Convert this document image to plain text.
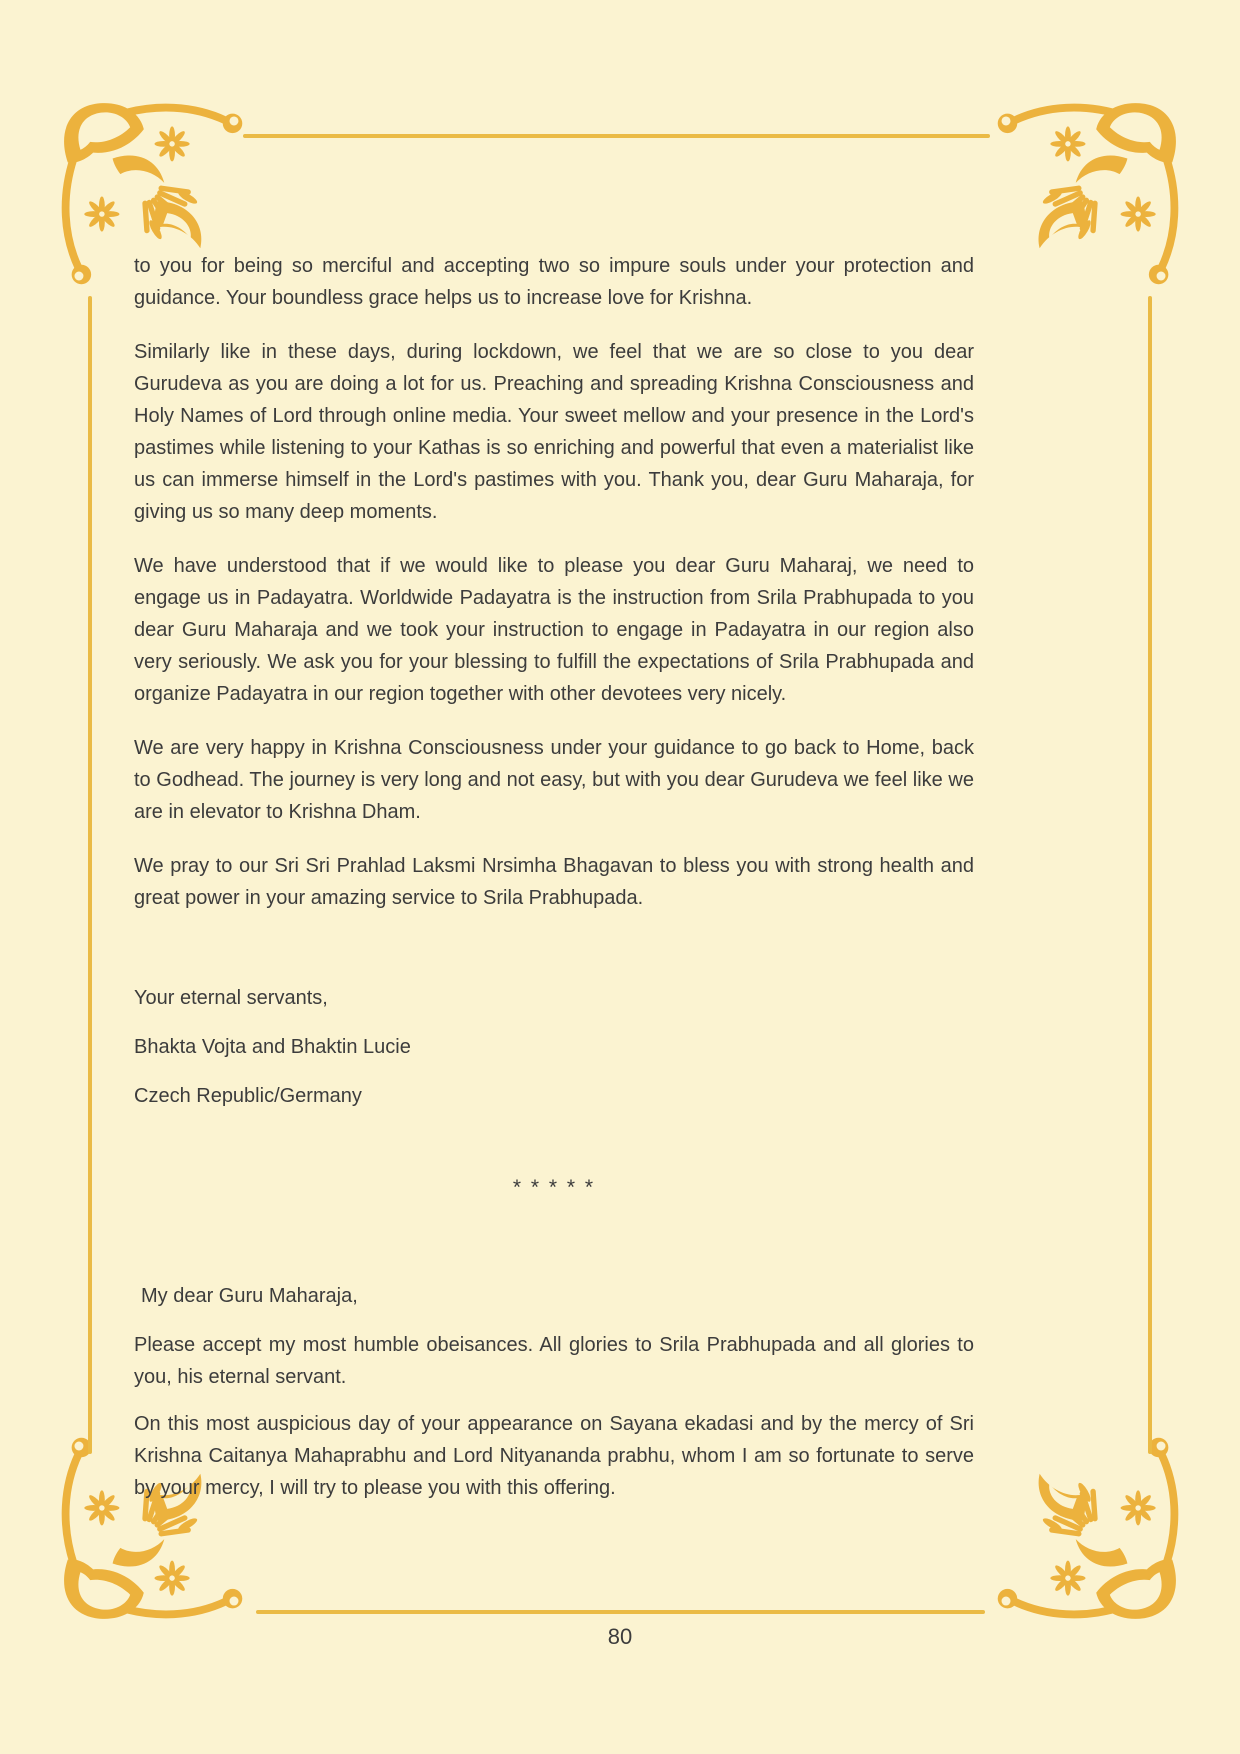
to you for being so merciful and accepting two so impure souls under your protection and guidance. Your boundless grace helps us to increase love for Krishna.

Similarly like in these days, during lockdown, we feel that we are so close to you dear Gurudeva as you are doing a lot for us. Preaching and spreading Krishna Consciousness and Holy Names of Lord through online media. Your sweet mellow and your presence in the Lord's pastimes while listening to your Kathas is so enriching and powerful that even a materialist like us can immerse himself in the Lord's pastimes with you. Thank you, dear Guru Maharaja, for giving us so many deep moments.

We have understood that if we would like to please you dear Guru Maharaj, we need to engage us in Padayatra. Worldwide Padayatra is the instruction from Srila Prabhupada to you dear Guru Maharaja and we took your instruction to engage in Padayatra in our region also very seriously. We ask you for your blessing to fulfill the expectations of Srila Prabhupada and organize Padayatra in our region together with other devotees very nicely.

We are very happy in Krishna Consciousness under your guidance to go back to Home, back to Godhead. The journey is very long and not easy, but with you dear Gurudeva we feel like we are in elevator to Krishna Dham.

We pray to our Sri Sri Prahlad Laksmi Nrsimha Bhagavan to bless you with strong health and great power in your amazing service to Srila Prabhupada.

Your eternal servants,

Bhakta Vojta and Bhaktin Lucie

Czech Republic/Germany

* * * * *

My dear Guru Maharaja,

Please accept my most humble obeisances. All glories to Srila Prabhupada and all glories to you, his eternal servant.

On this most auspicious day of your appearance on Sayana ekadasi and by the mercy of Sri Krishna Caitanya Mahaprabhu and Lord Nityananda prabhu, whom I am so fortunate to serve by your mercy, I will try to please you with this offering.

80
